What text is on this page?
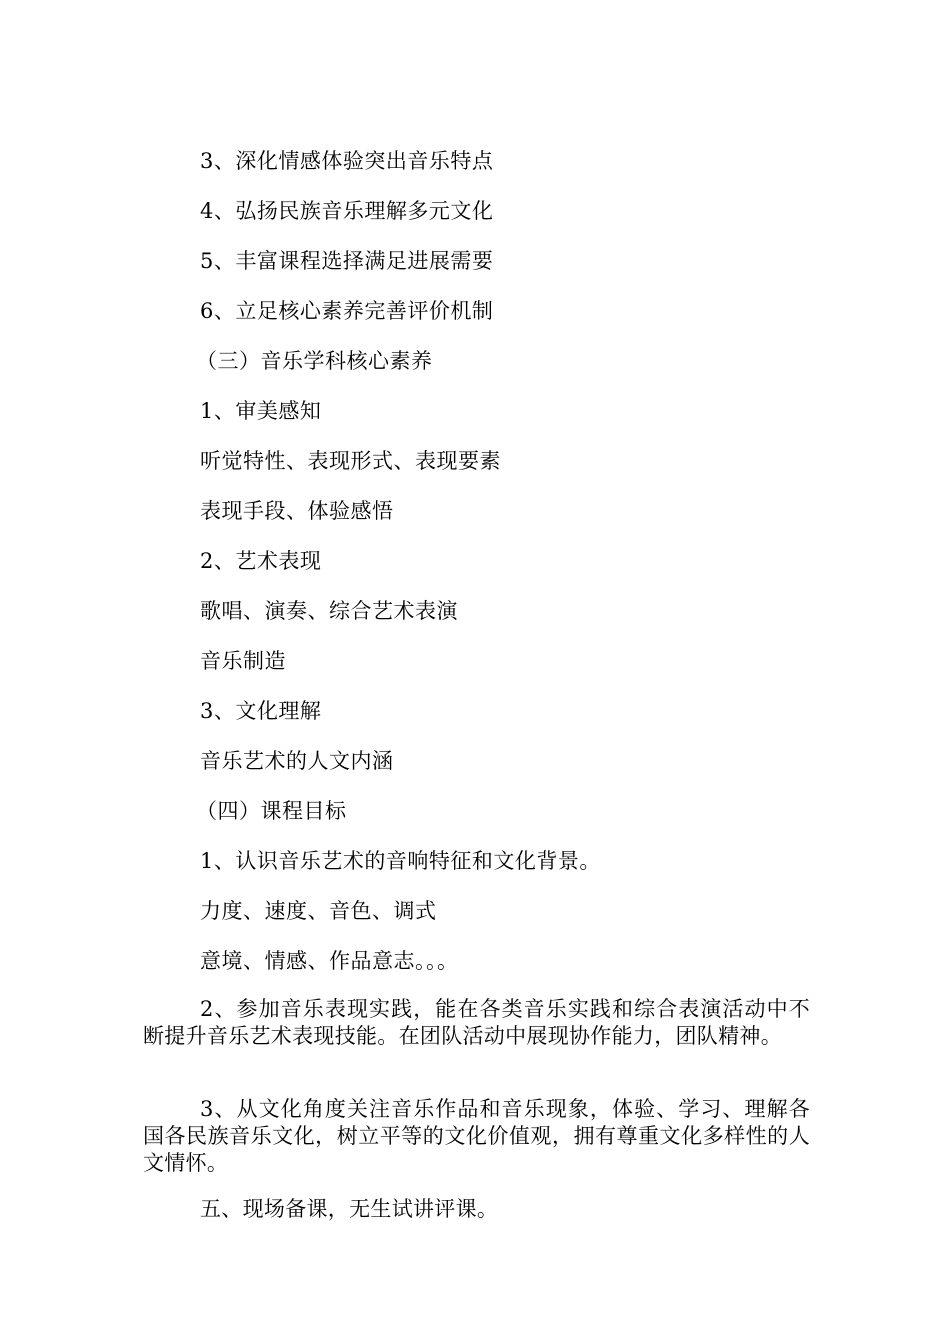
3、深化情感体验突出音乐特点
4、弘扬民族音乐理解多元文化
5、丰富课程选择满足进展需要
6、立足核心素养完善评价机制
（三）音乐学科核心素养
1、审美感知
听觉特性、表现形式、表现要素
表现手段、体验感悟
2、艺术表现
歌唱、演奏、综合艺术表演
音乐制造
3、文化理解
音乐艺术的人文内涵
（四）课程目标
1、认识音乐艺术的音响特征和文化背景。
力度、速度、音色、调式
意境、情感、作品意志。。。
2、参加音乐表现实践，能在各类音乐实践和综合表演活动中不断提升音乐艺术表现技能。在团队活动中展现协作能力，团队精神。
3、从文化角度关注音乐作品和音乐现象，体验、学习、理解各国各民族音乐文化，树立平等的文化价值观，拥有尊重文化多样性的人文情怀。
五、现场备课，无生试讲评课。
